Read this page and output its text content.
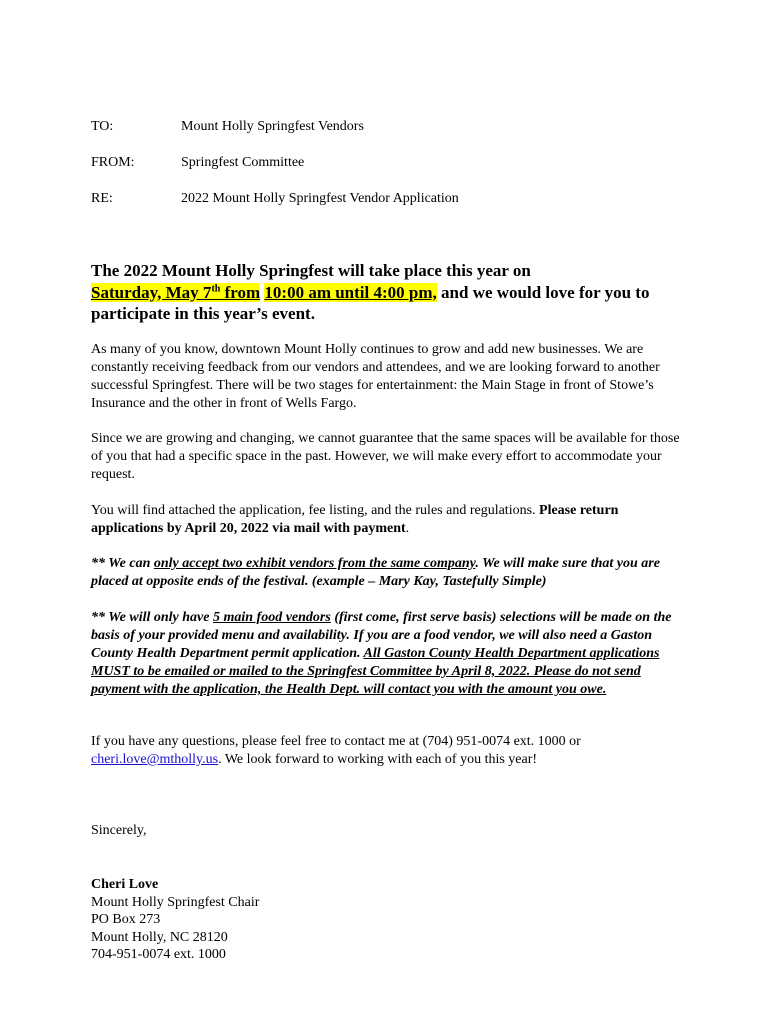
TO:	Mount Holly Springfest Vendors
FROM:	Springfest Committee
RE:	2022 Mount Holly Springfest Vendor Application
The 2022 Mount Holly Springfest will take place this year on
Saturday, May 7th from 10:00 am until 4:00 pm, and we would love for you to participate in this year’s event.
As many of you know, downtown Mount Holly continues to grow and add new businesses. We are constantly receiving feedback from our vendors and attendees, and we are looking forward to another successful Springfest. There will be two stages for entertainment: the Main Stage in front of Stowe’s Insurance and the other in front of Wells Fargo.
Since we are growing and changing, we cannot guarantee that the same spaces will be available for those of you that had a specific space in the past. However, we will make every effort to accommodate your request.
You will find attached the application, fee listing, and the rules and regulations. Please return applications by April 20, 2022 via mail with payment.
** We can only accept two exhibit vendors from the same company. We will make sure that you are placed at opposite ends of the festival. (example – Mary Kay, Tastefully Simple)
** We will only have 5 main food vendors (first come, first serve basis) selections will be made on the basis of your provided menu and availability. If you are a food vendor, we will also need a Gaston County Health Department permit application. All Gaston County Health Department applications MUST to be emailed or mailed to the Springfest Committee by April 8, 2022. Please do not send payment with the application, the Health Dept. will contact you with the amount you owe.
If you have any questions, please feel free to contact me at (704) 951-0074 ext. 1000 or cheri.love@mtholly.us. We look forward to working with each of you this year!
Sincerely,
Cheri Love
Mount Holly Springfest Chair
PO Box 273
Mount Holly, NC 28120
704-951-0074 ext. 1000
